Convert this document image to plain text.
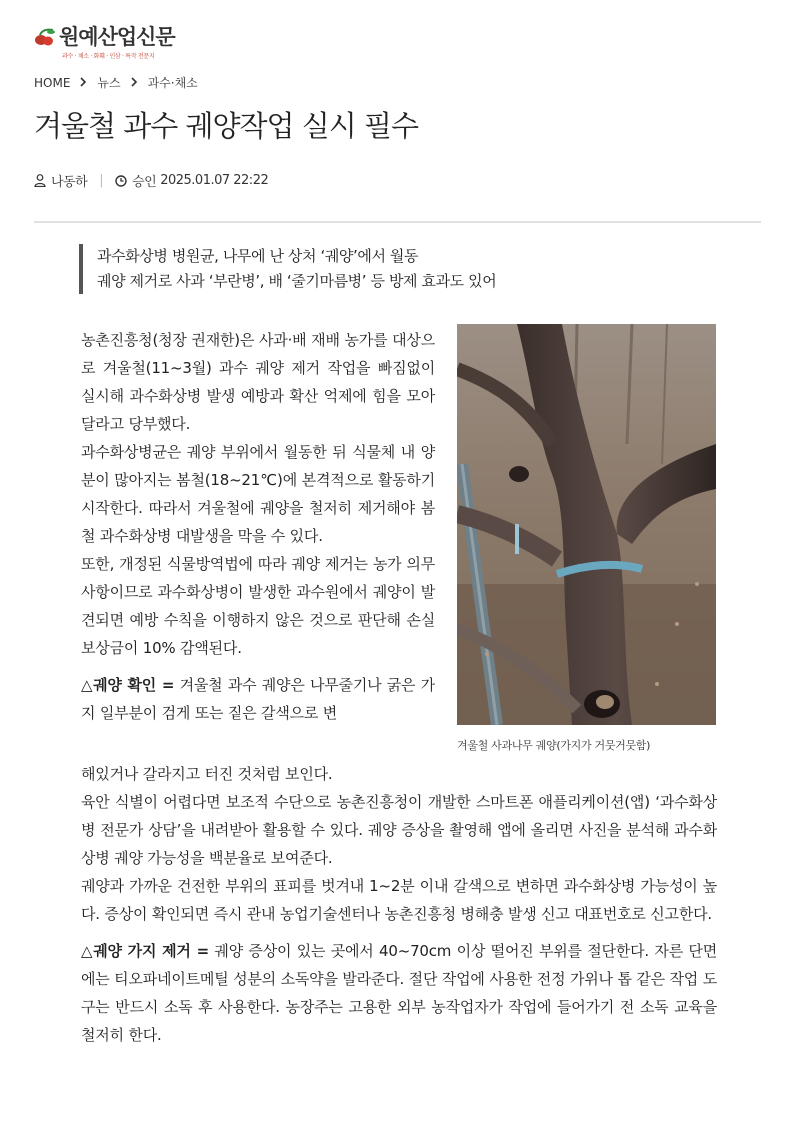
원예산업신문
과수 · 채소 · 화훼 · 인삼 · 특작 전문지
HOME 뉴스 과수·채소
겨울철 과수 궤양작업 실시 필수
나동하 | 승인 2025.01.07 22:22
과수화상병 병원균, 나무에 난 상처 ‘궤양’에서 월동
궤양 제거로 사과 ‘부란병’, 배 ‘줄기마름병’ 등 방제 효과도 있어

농촌진흥청(청장 권재한)은 사과·배 재배 농가를 대상으로 겨울철(11~3월) 과수 궤양 제거 작업을 빠짐없이 실시해 과수화상병 발생 예방과 확산 억제에 힘을 모아 달라고 당부했다.

과수화상병균은 궤양 부위에서 월동한 뒤 식물체 내 양분이 많아지는 봄철(18~21℃)에 본격적으로 활동하기 시작한다. 따라서 겨울철에 궤양을 철저히 제거해야 봄철 과수화상병 대발생을 막을 수 있다.

또한, 개정된 식물방역법에 따라 궤양 제거는 농가 의무 사항이므로 과수화상병이 발생한 과수원에서 궤양이 발견되면 예방 수칙을 이행하지 않은 것으로 판단해 손실보상금이 10% 감액된다.

△궤양 확인 = 겨울철 과수 궤양은 나무줄기나 굵은 가지 일부분이 검게 또는 짙은 갈색으로 변

해있거나 갈라지고 터진 것처럼 보인다.

육안 식별이 어렵다면 보조적 수단으로 농촌진흥청이 개발한 스마트폰 애플리케이션(앱) ‘과수화상병 전문가 상담’을 내려받아 활용할 수 있다. 궤양 증상을 촬영해 앱에 올리면 사진을 분석해 과수화상병 궤양 가능성을 백분율로 보여준다.

궤양과 가까운 건전한 부위의 표피를 벗겨내 1~2분 이내 갈색으로 변하면 과수화상병 가능성이 높다. 증상이 확인되면 즉시 관내 농업기술센터나 농촌진흥청 병해충 발생 신고 대표번호로 신고한다.

△궤양 가지 제거 = 궤양 증상이 있는 곳에서 40~70cm 이상 떨어진 부위를 절단한다. 자른 단면에는 티오파네이트메틸 성분의 소독약을 발라준다. 절단 작업에 사용한 전정 가위나 톱 같은 작업 도구는 반드시 소독 후 사용한다. 농장주는 고용한 외부 농작업자가 작업에 들어가기 전 소독 교육을 철저히 한다.

겨울철 사과나무 궤양(가지가 거뭇거뭇함)
